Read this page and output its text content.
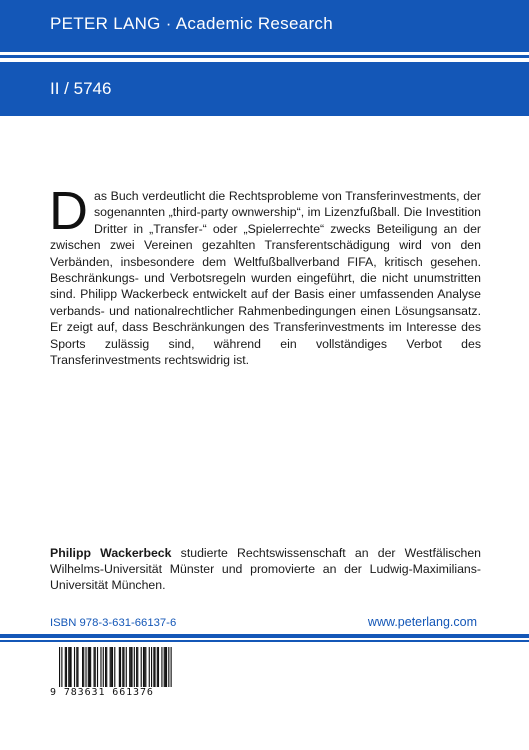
PETER LANG · Academic Research
II / 5746
D as Buch verdeutlicht die Rechtsprobleme von Transferinvestments, der sogenannten „third-party ownwership“, im Lizenzfußball. Die Investition Dritter in „Transfer-“ oder „Spielerrechte“ zwecks Beteiligung an der zwischen zwei Vereinen gezahlten Transferentschädigung wird von den Verbänden, insbesondere dem Weltfußballverband FIFA, kritisch gesehen. Beschränkungs- und Verbotsregeln wurden eingeführt, die nicht unumstritten sind. Philipp Wackerbeck entwickelt auf der Basis einer umfassenden Analyse verbands- und nationalrechtlicher Rahmenbedingungen einen Lösungsansatz. Er zeigt auf, dass Beschränkungen des Transferinvestments im Interesse des Sports zulässig sind, während ein vollständiges Verbot des Transferinvestments rechtswidrig ist.
Philipp Wackerbeck studierte Rechtswissenschaft an der Westfälischen Wilhelms-Universität Münster und promovierte an der Ludwig-Maximilians-Universität München.
ISBN 978-3-631-66137-6	www.peterlang.com
9 783631 661376
